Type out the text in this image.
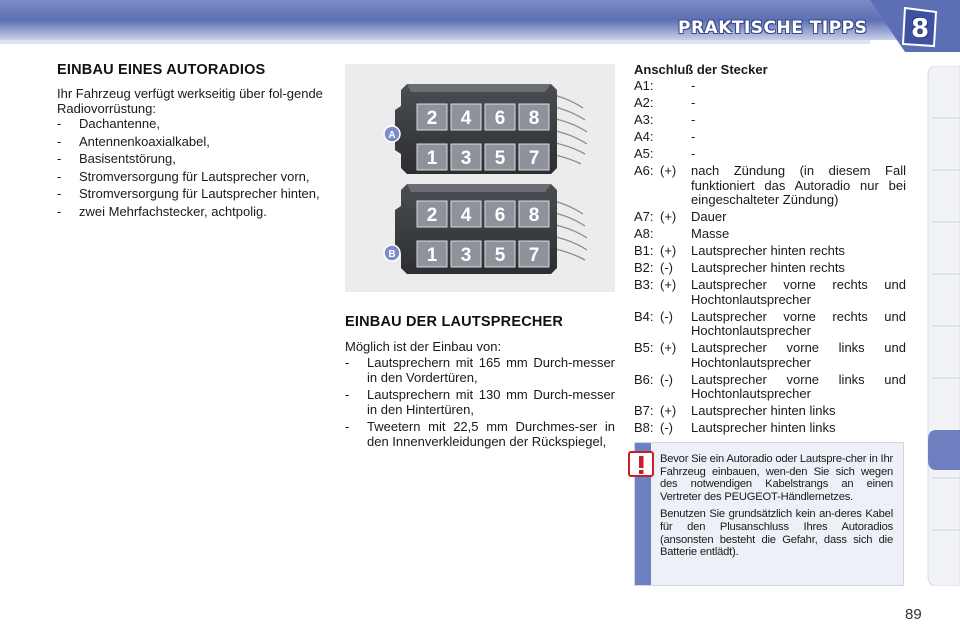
PRAKTISCHE TIPPS 8
EINBAU EINES AUTORADIOS
Ihr Fahrzeug verfügt werkseitig über fol-gende Radiovorrüstung:
- Dachantenne,
- Antennenkoaxialkabel,
- Basisentstörung,
- Stromversorgung für Lautsprecher vorn,
- Stromversorgung für Lautsprecher hinten,
- zwei Mehrfachstecker, achtpolig.
2 4 6 8
1 3 5 7
2 4 6 8
1 3 5 7
A
B
EINBAU DER LAUTSPRECHER
Möglich ist der Einbau von:
- Lautsprechern mit 165 mm Durch-messer in den Vordertüren,
- Lautsprechern mit 130 mm Durch-messer in den Hintertüren,
- Tweetern mit 22,5 mm Durchmes-ser in den Innenverkleidungen der Rückspiegel,
Anschluß der Stecker
A1:	-
A2:	-
A3:	-
A4:	-
A5:	-
A6: (+)	nach Zündung (in diesem Fall funktioniert das Autoradio nur bei eingeschalteter Zündung)
A7: (+)	Dauer
A8:	Masse
B1: (+)	Lautsprecher hinten rechts
B2: (-)	Lautsprecher hinten rechts
B3: (+)	Lautsprecher vorne rechts und Hochtonlautsprecher
B4: (-)	Lautsprecher vorne rechts und Hochtonlautsprecher
B5: (+)	Lautsprecher vorne links und Hochtonlautsprecher
B6: (-)	Lautsprecher vorne links und Hochtonlautsprecher
B7: (+)	Lautsprecher hinten links
B8: (-)	Lautsprecher hinten links

Bevor Sie ein Autoradio oder Lautspre-cher in Ihr Fahrzeug einbauen, wen-den Sie sich wegen des notwendigen Kabelstrangs an einen Vertreter des PEUGEOT-Händlernetzes.

Benutzen Sie grundsätzlich kein an-deres Kabel für den Plusanschluss Ihres Autoradios (ansonsten besteht die Gefahr, dass sich die Batterie entlädt).

89
